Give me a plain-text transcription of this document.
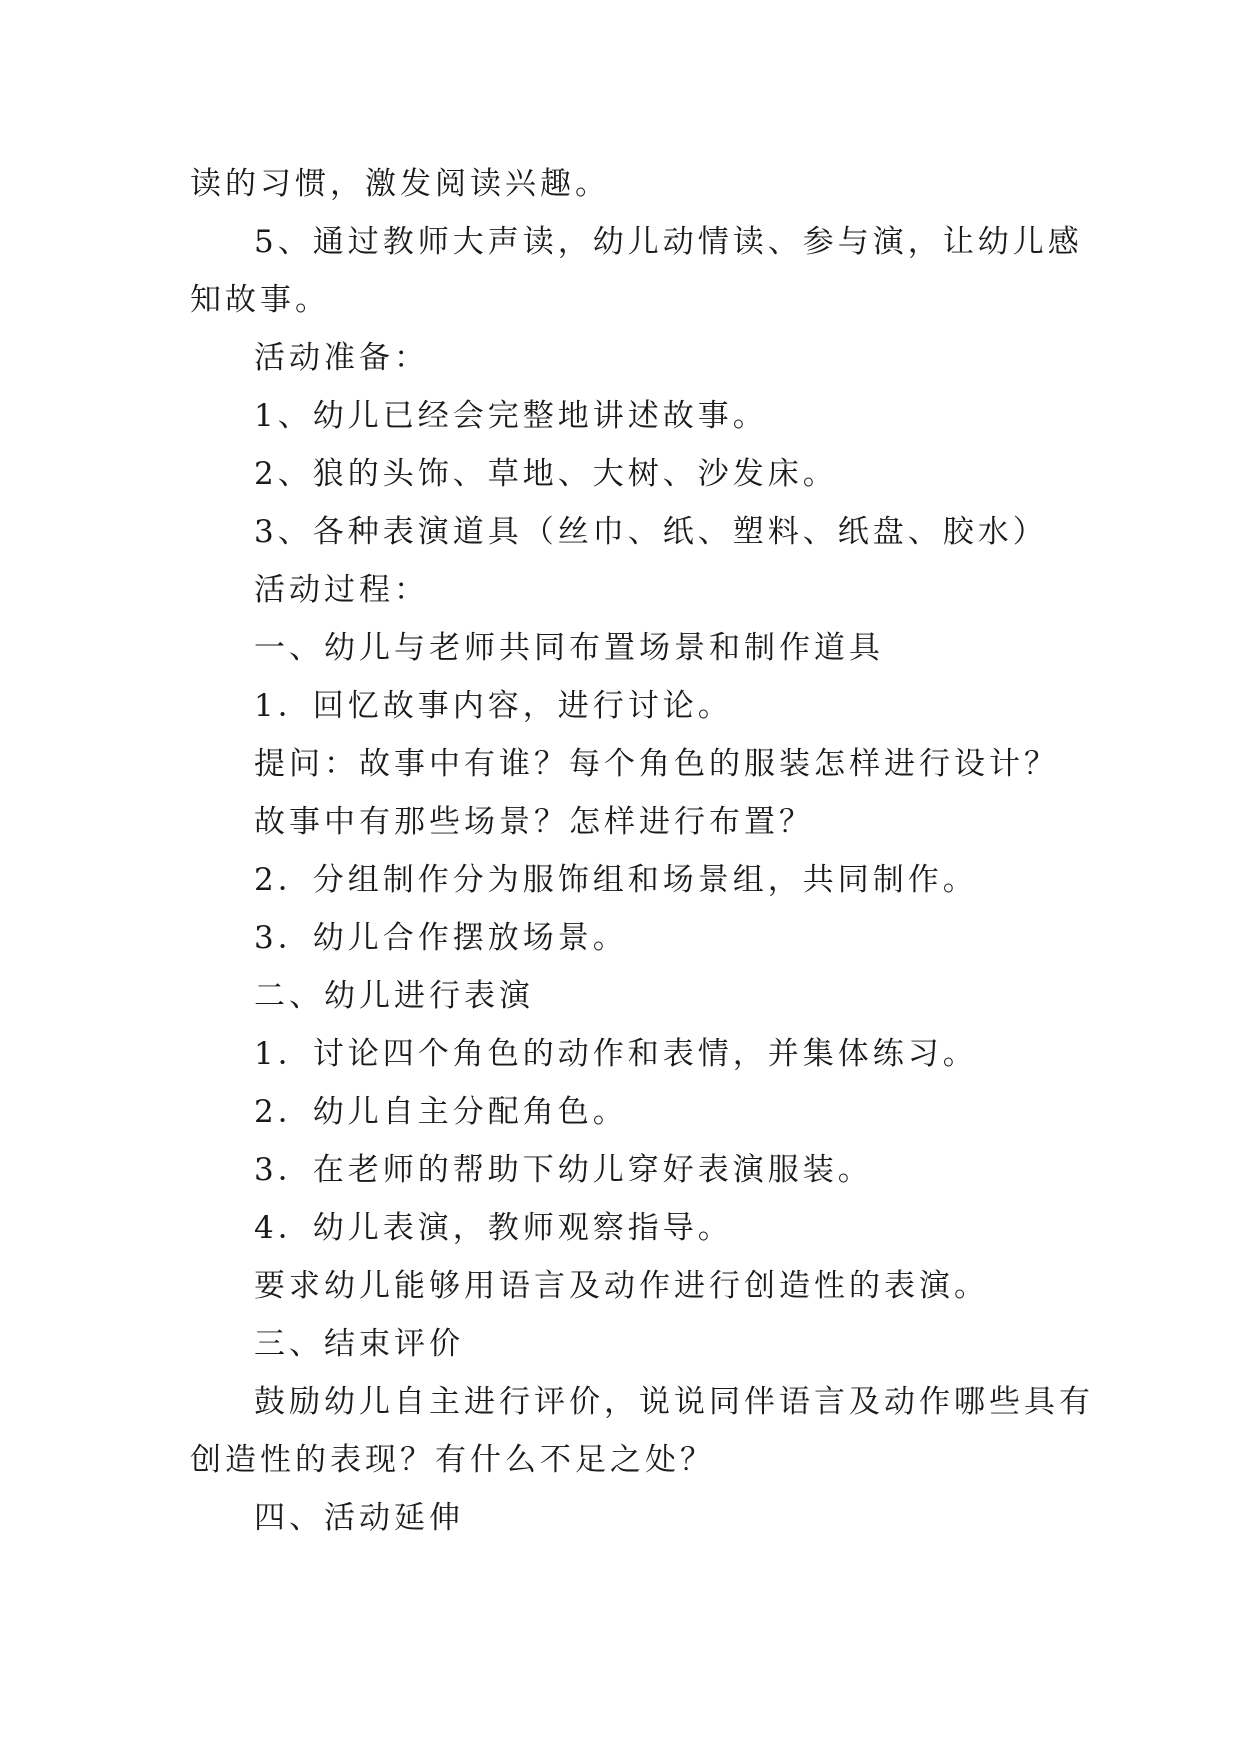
读的习惯，激发阅读兴趣。
5、通过教师大声读，幼儿动情读、参与演，让幼儿感
知故事。
活动准备：
1、幼儿已经会完整地讲述故事。
2、狼的头饰、草地、大树、沙发床。
3、各种表演道具（丝巾、纸、塑料、纸盘、胶水）
活动过程：
一、幼儿与老师共同布置场景和制作道具
1．回忆故事内容，进行讨论。
提问：故事中有谁？每个角色的服装怎样进行设计？
故事中有那些场景？怎样进行布置？
2．分组制作分为服饰组和场景组，共同制作。
3．幼儿合作摆放场景。
二、幼儿进行表演
1．讨论四个角色的动作和表情，并集体练习。
2．幼儿自主分配角色。
3．在老师的帮助下幼儿穿好表演服装。
4．幼儿表演，教师观察指导。
要求幼儿能够用语言及动作进行创造性的表演。
三、结束评价
鼓励幼儿自主进行评价，说说同伴语言及动作哪些具有
创造性的表现？有什么不足之处？
四、活动延伸
